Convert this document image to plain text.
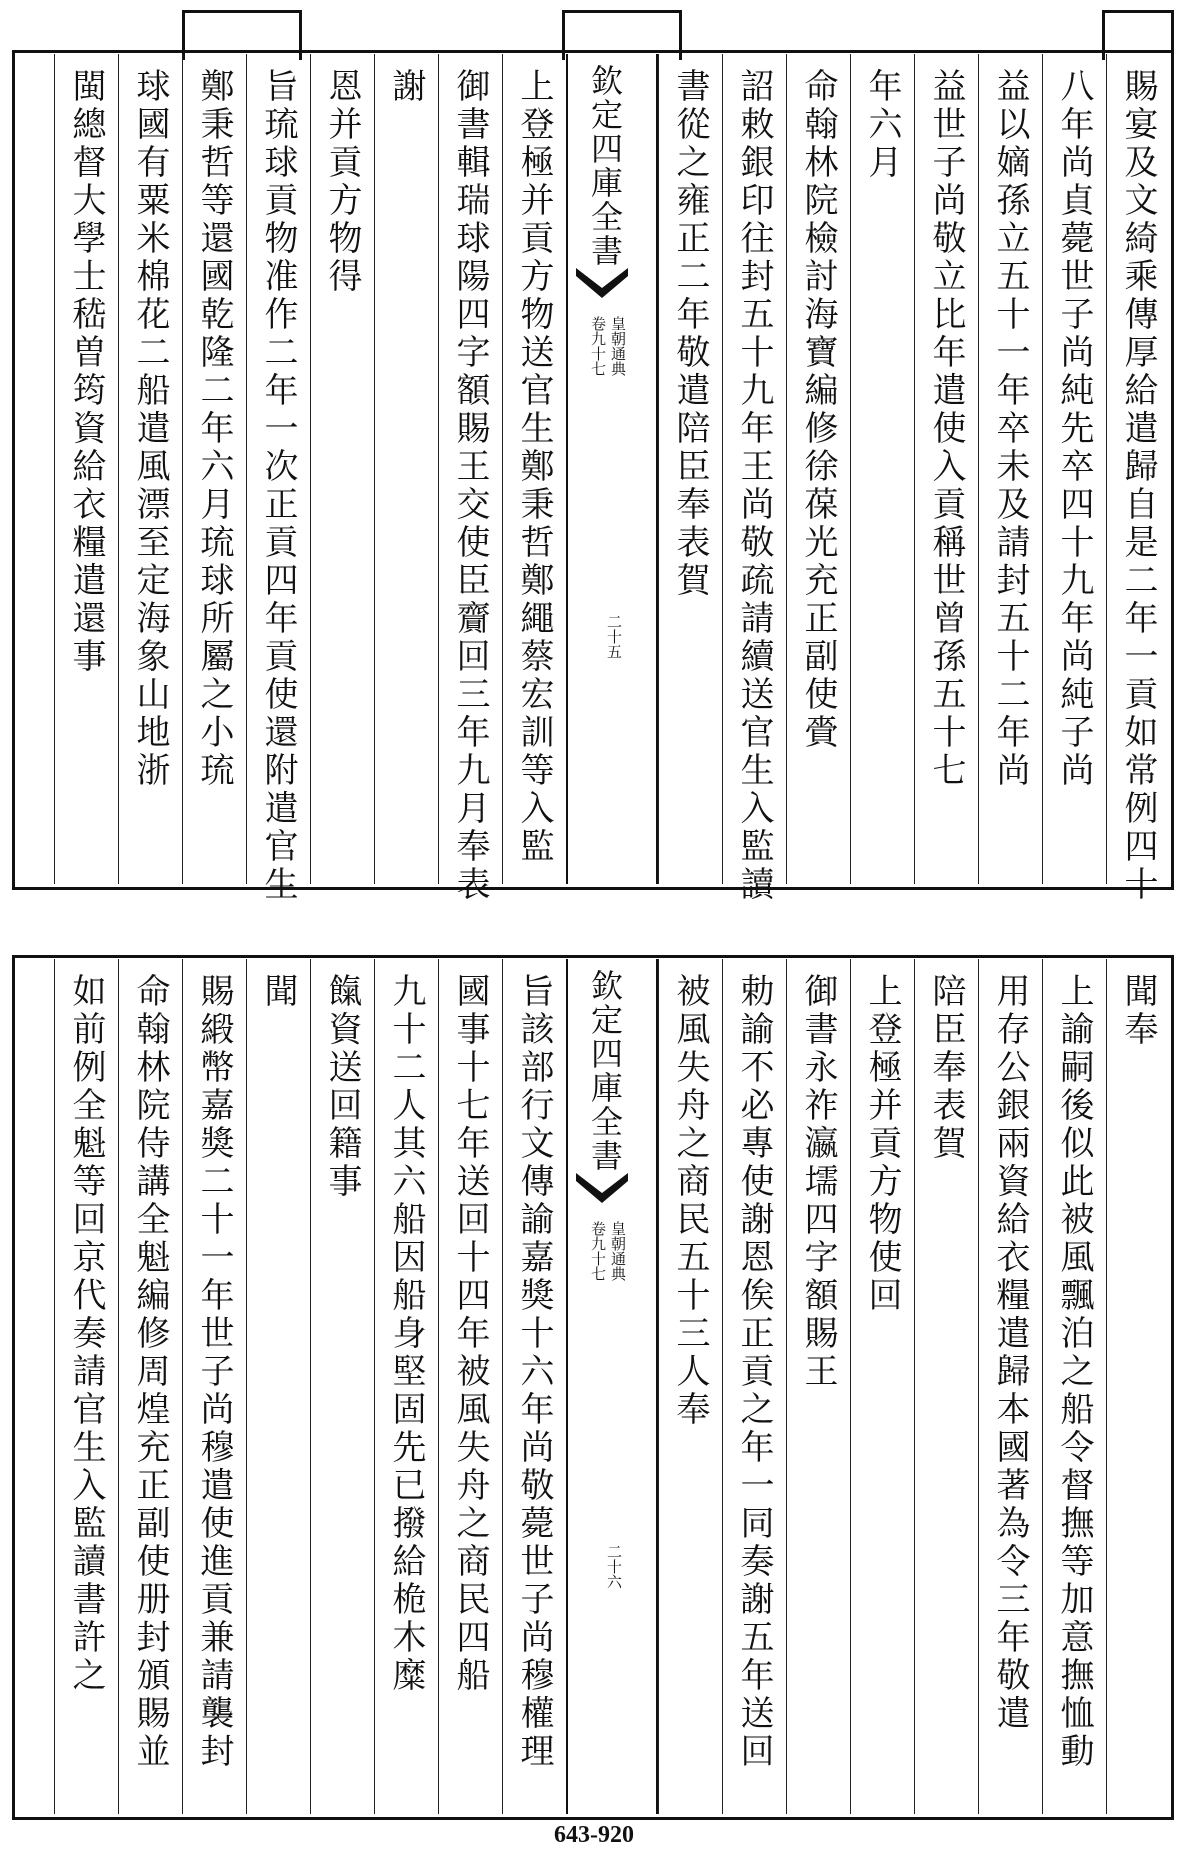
賜宴及文綺乘傳厚給遣歸自是二年一貢如常例四十
八年尚貞薨世子尚純先卒四十九年尚純子尚
益以嫡孫立五十一年卒未及請封五十二年尚
益世子尚敬立比年遣使入貢稱世曾孫五十七
年六月
命翰林院檢討海寶編修徐葆光充正副使賫
詔敕銀印往封五十九年王尚敬疏請續送官生入監讀
書從之雍正二年敬遣陪臣奉表賀
欽定四庫全書
皇朝通典
卷九十七
二十五
上登極并貢方物送官生鄭秉哲鄭繩蔡宏訓等入監
御書輯瑞球陽四字額賜王交使臣齎回三年九月奉表
謝
恩并貢方物得
旨琉球貢物准作二年一次正貢四年貢使還附遣官生
鄭秉哲等還國乾隆二年六月琉球所屬之小琉
球國有粟米棉花二船遣風漂至定海象山地浙
閩總督大學士嵇曽筠資給衣糧遣還事
聞奉
上諭嗣後似此被風飄泊之船令督撫等加意撫恤動
用存公銀兩資給衣糧遣歸本國著為令三年敬遣
陪臣奉表賀
上登極并貢方物使回
御書永祚瀛壖四字額賜王
勅諭不必專使謝恩俟正貢之年一同奏謝五年送回
被風失舟之商民五十三人奉
欽定四庫全書
皇朝通典
卷九十七
二十六
旨該部行文傳諭嘉獎十六年尚敬薨世子尚穆權理
國事十七年送回十四年被風失舟之商民四船
九十二人其六船因船身堅固先已撥給桅木糜
餼資送回籍事
聞
賜緞幣嘉獎二十一年世子尚穆遣使進貢兼請襲封
命翰林院侍講全魁編修周煌充正副使册封頒賜並
如前例全魁等回京代奏請官生入監讀書許之
643-920
